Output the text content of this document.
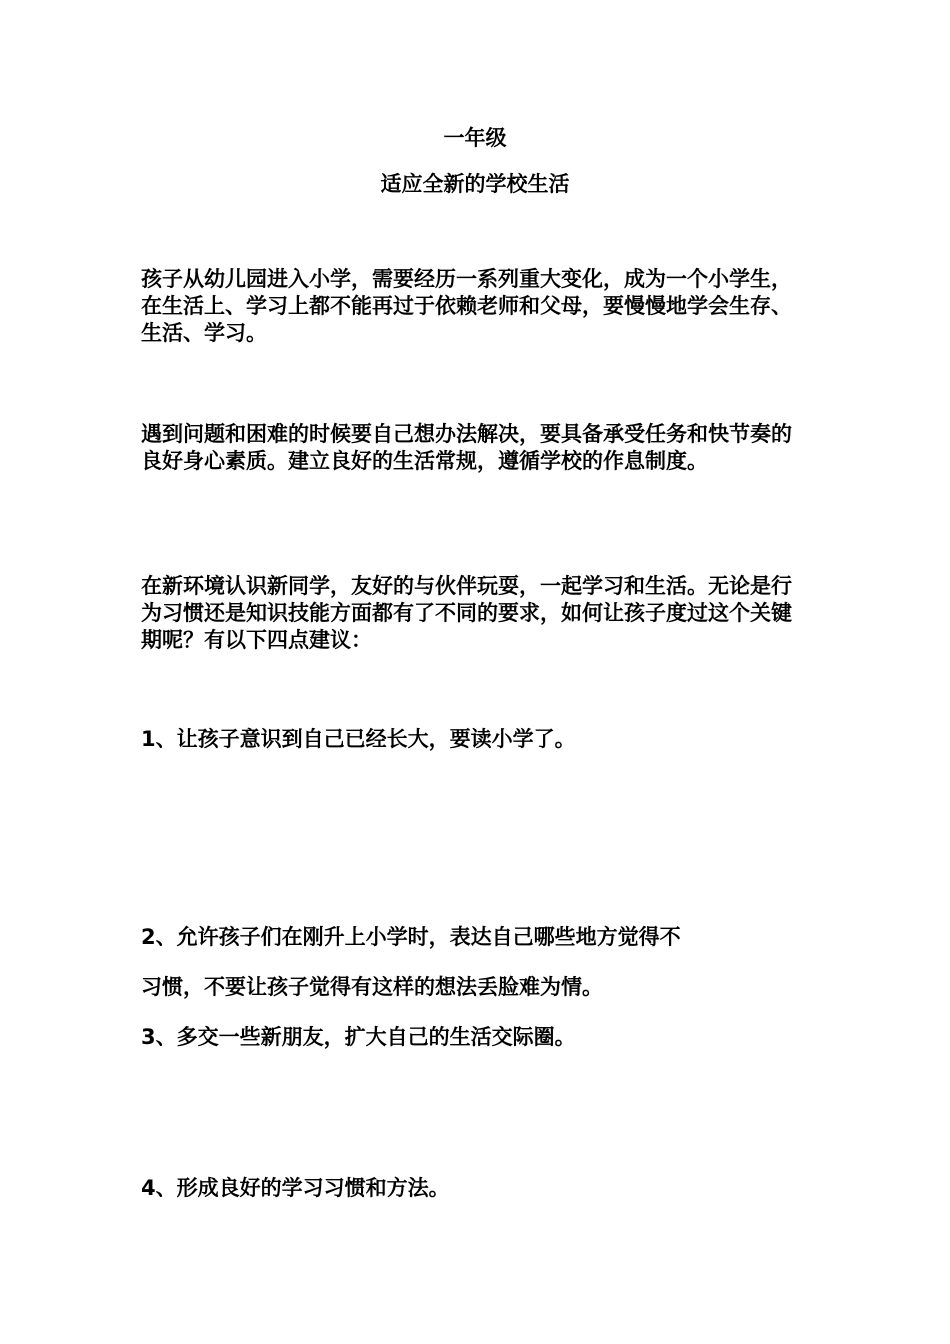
一年级
适应全新的学校生活

孩子从幼儿园进入小学，需要经历一系列重大变化，成为一个小学生，在生活上、学习上都不能再过于依赖老师和父母，要慢慢地学会生存、生活、学习。

遇到问题和困难的时候要自己想办法解决，要具备承受任务和快节奏的良好身心素质。建立良好的生活常规，遵循学校的作息制度。

在新环境认识新同学，友好的与伙伴玩耍，一起学习和生活。无论是行为习惯还是知识技能方面都有了不同的要求，如何让孩子度过这个关键期呢？有以下四点建议：

1、让孩子意识到自己已经长大，要读小学了。

2、允许孩子们在刚升上小学时，表达自己哪些地方觉得不

习惯，不要让孩子觉得有这样的想法丢脸难为情。

3、多交一些新朋友，扩大自己的生活交际圈。

4、形成良好的学习习惯和方法。
